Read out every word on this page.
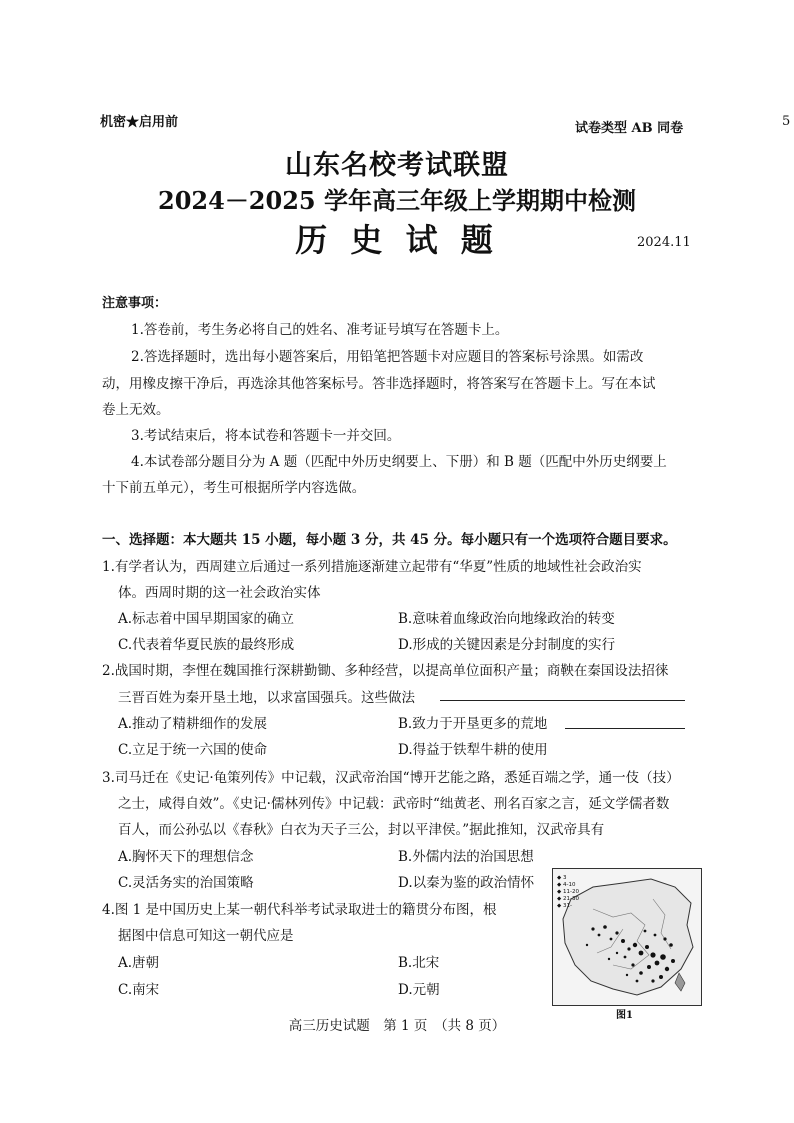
机密★启用前	试卷类型 AB 同卷	5
山东名校考试联盟
2024－2025 学年高三年级上学期期中检测
历 史 试 题	2024.11
注意事项：
1.答卷前，考生务必将自己的姓名、准考证号填写在答题卡上。
2.答选择题时，选出每小题答案后，用铅笔把答题卡对应题目的答案标号涂黑。如需改
动，用橡皮擦干净后，再选涂其他答案标号。答非选择题时，将答案写在答题卡上。写在本试
卷上无效。
3.考试结束后，将本试卷和答题卡一并交回。
4.本试卷部分题目分为 A 题（匹配中外历史纲要上、下册）和 B 题（匹配中外历史纲要上
十下前五单元），考生可根据所学内容选做。
一、选择题：本大题共 15 小题，每小题 3 分，共 45 分。每小题只有一个选项符合题目要求。
1.有学者认为，西周建立后通过一系列措施逐渐建立起带有“华夏”性质的地域性社会政治实
体。西周时期的这一社会政治实体
A.标志着中国早期国家的确立	B.意味着血缘政治向地缘政治的转变
C.代表着华夏民族的最终形成	D.形成的关键因素是分封制度的实行
2.战国时期，李悝在魏国推行深耕勤锄、多种经营，以提高单位面积产量；商鞅在秦国设法招徕
三晋百姓为秦开垦土地，以求富国强兵。这些做法
A.推动了精耕细作的发展	B.致力于开垦更多的荒地
C.立足于统一六国的使命	D.得益于铁犁牛耕的使用
3.司马迁在《史记·龟策列传》中记载，汉武帝治国“博开艺能之路，悉延百端之学，通一伎（技）
之士，咸得自效”。《史记·儒林列传》中记载：武帝时“绌黄老、刑名百家之言，延文学儒者数
百人，而公孙弘以《春秋》白衣为天子三公，封以平津侯。”据此推知，汉武帝具有
A.胸怀天下的理想信念	B.外儒内法的治国思想
C.灵活务实的治国策略	D.以秦为鉴的政治情怀
4.图 1 是中国历史上某一朝代科举考试录取进士的籍贯分布图，根
据图中信息可知这一朝代应是
A.唐朝	B.北宋
C.南宋	D.元朝
◆ 3
◆ 4-10
◆ 11-20
◆ 21-30
◆ 31-
图1
高三历史试题　第 1 页　（共 8 页）
